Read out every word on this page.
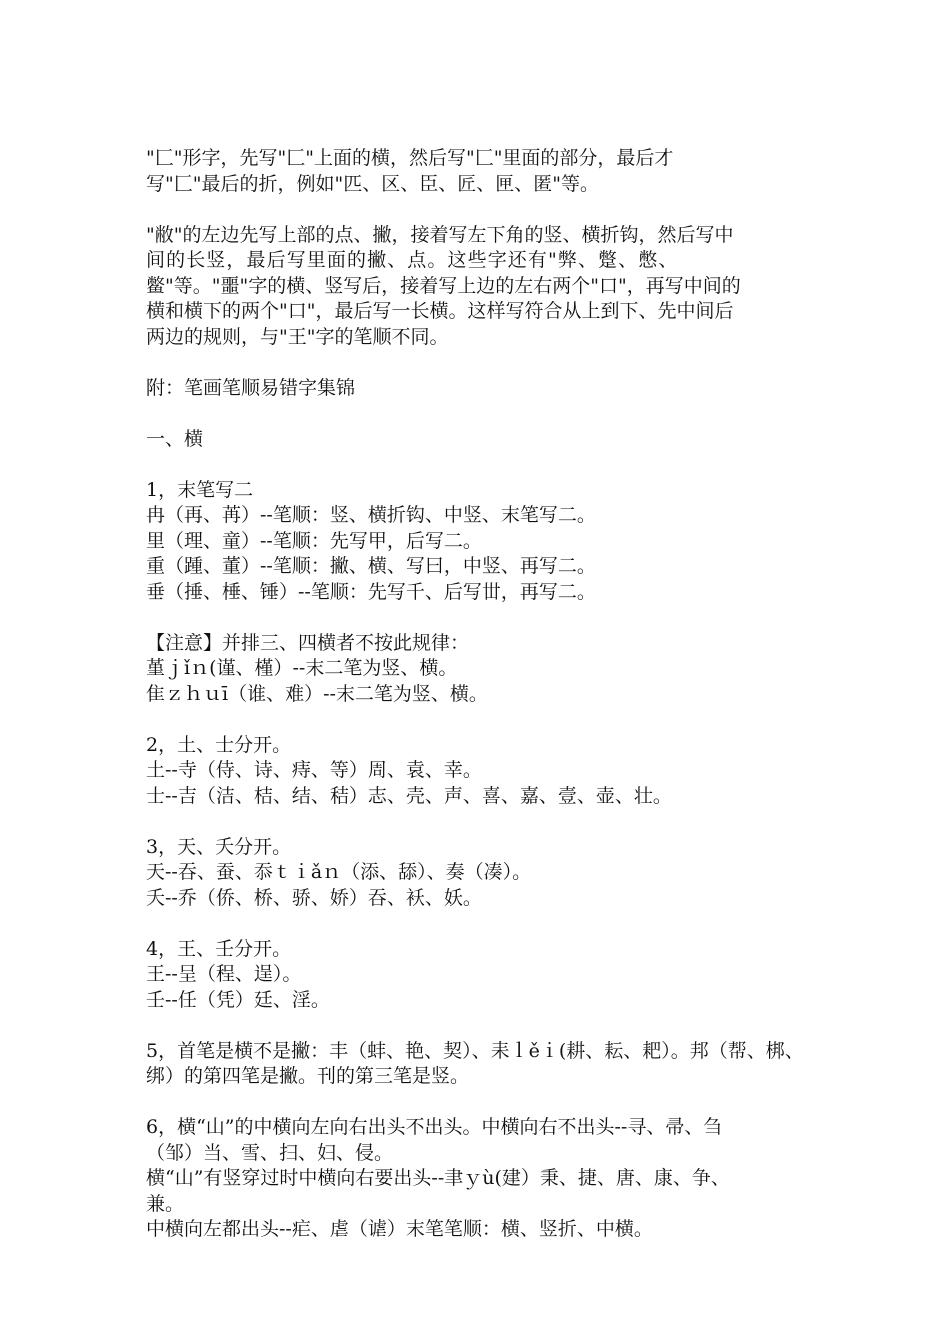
"匚"形字，先写"匚"上面的横，然后写"匚"里面的部分，最后才
写"匚"最后的折，例如"匹、区、臣、匠、匣、匿"等。
"敝"的左边先写上部的点、撇，接着写左下角的竖、横折钩，然后写中
间的长竖，最后写里面的撇、点。这些字还有"弊、蹩、憋、
鳖"等。"噩"字的横、竖写后，接着写上边的左右两个"口"，再写中间的
横和横下的两个"口"，最后写一长横。这样写符合从上到下、先中间后
两边的规则，与"王"字的笔顺不同。
附：笔画笔顺易错字集锦
一、横
1，末笔写二
冉（再、苒）--笔顺：竖、横折钩、中竖、末笔写二。
里（理、童）--笔顺：先写甲，后写二。
重（踵、董）--笔顺：撇、横、写曰，中竖、再写二。
垂（捶、棰、锤）--笔顺：先写千、后写丗，再写二。
【注意】并排三、四横者不按此规律：
堇ｊǐｎ(谨、槿）--末二笔为竖、横。
隹ｚｈｕī（谁、难）--末二笔为竖、横。
2，土、士分开。
土--寺（侍、诗、痔、等）周、袁、幸。
士--吉（洁、桔、结、秸）志、壳、声、喜、嘉、壹、壶、壮。
3，天、夭分开。
天--吞、蚕、忝ｔｉǎｎ（添、舔）、奏（凑）。
夭--乔（侨、桥、骄、娇）吞、袄、妖。
4，王、壬分开。
王--呈（程、逞）。
壬--任（凭）廷、淫。
5，首笔是横不是撇：丰（蚌、艳、契）、耒ｌěｉ(耕、耘、耙）。邦（帮、梆、
绑）的第四笔是撇。刊的第三笔是竖。
6，横“山”的中横向左向右出头不出头。中横向右不出头--寻、帚、刍
（邹）当、雪、扫、妇、侵。
横“山”有竖穿过时中横向右要出头--聿ｙù(建）秉、捷、唐、康、争、
兼。
中横向左都出头--疟、虐（谑）末笔笔顺：横、竖折、中横。
